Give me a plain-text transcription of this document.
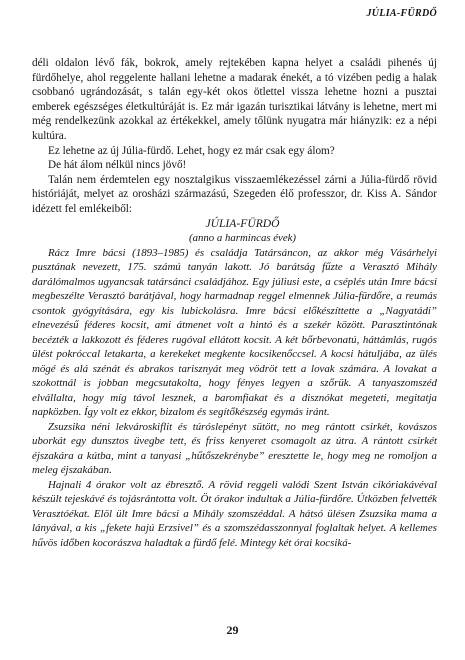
JÚLIA-FÜRDŐ

déli oldalon lévő fák, bokrok, amely rejtekében kapna helyet a családi pihenés új fürdőhelye, ahol reggelente hallani lehetne a madarak énekét, a tó vizében pedig a halak csobbanó ugrándozását, s talán egy-két okos ötlettel vissza lehetne hozni a pusztai emberek egészséges életkultúráját is. Ez már igazán turisztikai látvány is lehetne, mert mi még rendelkezünk azokkal az értékekkel, amely tőlünk nyugatra már hiányzik: ez a népi kultúra.

Ez lehetne az új Júlia-fürdő. Lehet, hogy ez már csak egy álom?

De hát álom nélkül nincs jövő!

Talán nem érdemtelen egy nosztalgikus visszaemlékezéssel zárni a Júlia-fürdő rövid históriáját, melyet az orosházi származású, Szegeden élő professzor, dr. Kiss A. Sándor idézett fel emlékeiből:

JÚLIA-FÜRDŐ

(anno a harmincas évek)

Rácz Imre bácsi (1893–1985) és családja Tatársáncon, az akkor még Vásárhelyi pusztának nevezett, 175. számú tanyán lakott. Jó barátság fűzte a Verasztó Mihály darálómalmos ugyancsak tatársánci családjához. Egy júliusi este, a cséplés után Imre bácsi megbeszélte Verasztó barátjával, hogy harmadnap reggel elmennek Júlia-fürdőre, a reumás csontok gyógyítására, egy kis lubickolásra. Imre bácsi előkészíttette a „Nagyatádi” elnevezésű féderes kocsit, ami átmenet volt a hintó és a szekér között. Parasztintónak becézték a lakkozott és féderes rugóval ellátott kocsit. A két bőrbevonatú, háttámlás, rugós ülést pokróccal letakarta, a kerekeket megkente kocsikenőccsel. A kocsi hátuljába, az ülés mögé és alá szénát és abrakos tarisznyát meg vödröt tett a lovak számára. A lovakat a szokottnál is jobban megcsutakolta, hogy fényes legyen a szőrük. A tanyaszomszéd elvállalta, hogy míg távol lesznek, a baromfiakat és a disznókat megeteti, megitatja napközben. Így volt ez ekkor, bizalom és segítőkészség egymás iránt.

Zsuzsika néni lekvároskiflit és túróslepényt sütött, no meg rántott csirkét, kovászos uborkát egy dunsztos üvegbe tett, és friss kenyeret csomagolt az útra. A rántott csirkét éjszakára a kútba, mint a tanyasi „hűtőszekrénybe” eresztette le, hogy meg ne romoljon a meleg éjszakában.

Hajnali 4 órakor volt az ébresztő. A rövid reggeli valódi Szent István cikóriakávéval készült tejeskávé és tojásrántotta volt. Öt órakor indultak a Júlia-fürdőre. Útközben felvették Verasztóékat. Elöl ült Imre bácsi a Mihály szomszéddal. A hátsó ülésen Zsuzsika mama a lányával, a kis „fekete hajú Erzsivel” és a szomszédasszonnyal foglaltak helyet. A kellemes hűvös időben kocorászva haladtak a fürdő felé. Mintegy két órai kocsiká-

29
